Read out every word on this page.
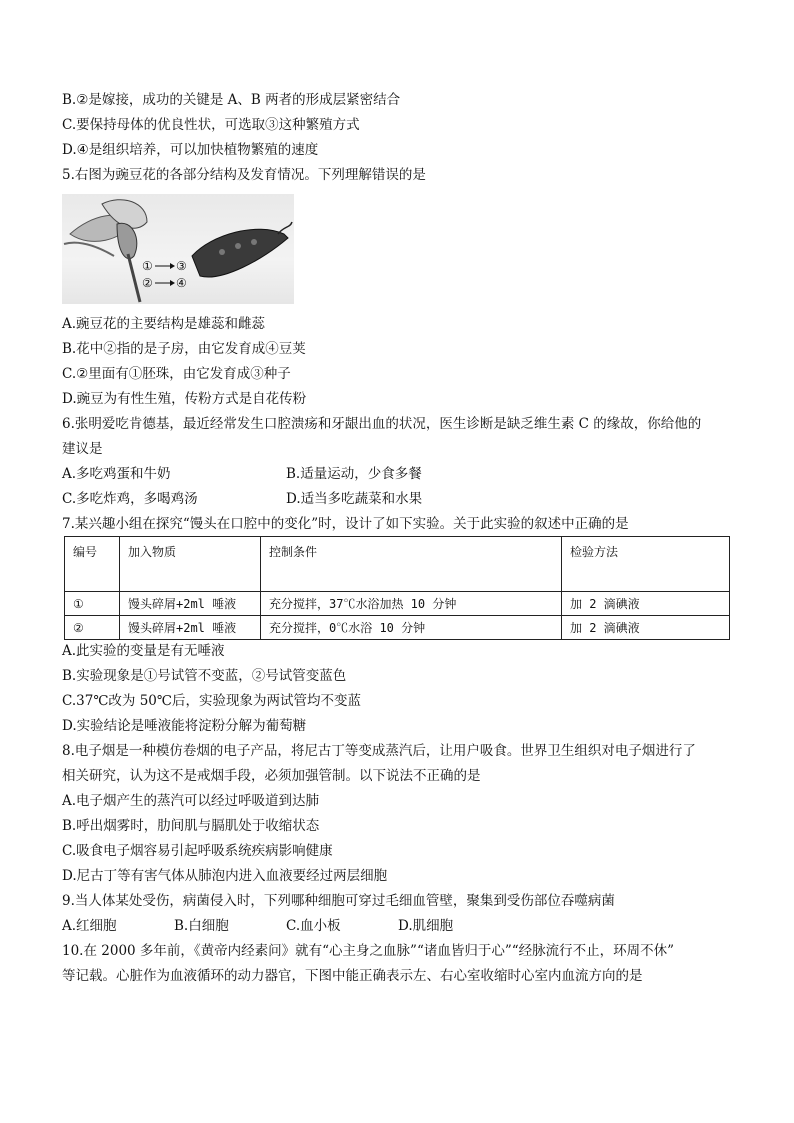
B.②是嫁接，成功的关键是 A、B 两者的形成层紧密结合
C.要保持母体的优良性状，可选取③这种繁殖方式
D.④是组织培养，可以加快植物繁殖的速度
5.右图为豌豆花的各部分结构及发育情况。下列理解错误的是
① ③
② ④
A.豌豆花的主要结构是雄蕊和雌蕊
B.花中②指的是子房，由它发育成④豆荚
C.②里面有①胚珠，由它发育成③种子
D.豌豆为有性生殖，传粉方式是自花传粉
6.张明爱吃肯德基，最近经常发生口腔溃疡和牙龈出血的状况，医生诊断是缺乏维生素 C 的缘故，你给他的
建议是
A.多吃鸡蛋和牛奶	B.适量运动，少食多餐
C.多吃炸鸡，多喝鸡汤	D.适当多吃蔬菜和水果
7.某兴趣小组在探究“馒头在口腔中的变化”时，设计了如下实验。关于此实验的叙述中正确的是
编号	加入物质	控制条件	检验方法
①	馒头碎屑+2ml 唾液	充分搅拌，37℃水浴加热 10 分钟	加 2 滴碘液
②	馒头碎屑+2ml 唾液	充分搅拌，0℃水浴 10 分钟	加 2 滴碘液
A.此实验的变量是有无唾液
B.实验现象是①号试管不变蓝，②号试管变蓝色
C.37℃改为 50℃后，实验现象为两试管均不变蓝
D.实验结论是唾液能将淀粉分解为葡萄糖
8.电子烟是一种模仿卷烟的电子产品，将尼古丁等变成蒸汽后，让用户吸食。世界卫生组织对电子烟进行了
相关研究，认为这不是戒烟手段，必须加强管制。以下说法不正确的是
A.电子烟产生的蒸汽可以经过呼吸道到达肺
B.呼出烟雾时，肋间肌与膈肌处于收缩状态
C.吸食电子烟容易引起呼吸系统疾病影响健康
D.尼古丁等有害气体从肺泡内进入血液要经过两层细胞
9.当人体某处受伤，病菌侵入时，下列哪种细胞可穿过毛细血管壁，聚集到受伤部位吞噬病菌
A.红细胞	B.白细胞	C.血小板	D.肌细胞
10.在 2000 多年前，《黄帝内经素问》就有“心主身之血脉”“诸血皆归于心”“经脉流行不止，环周不休”
等记载。心脏作为血液循环的动力器官，下图中能正确表示左、右心室收缩时心室内血流方向的是
